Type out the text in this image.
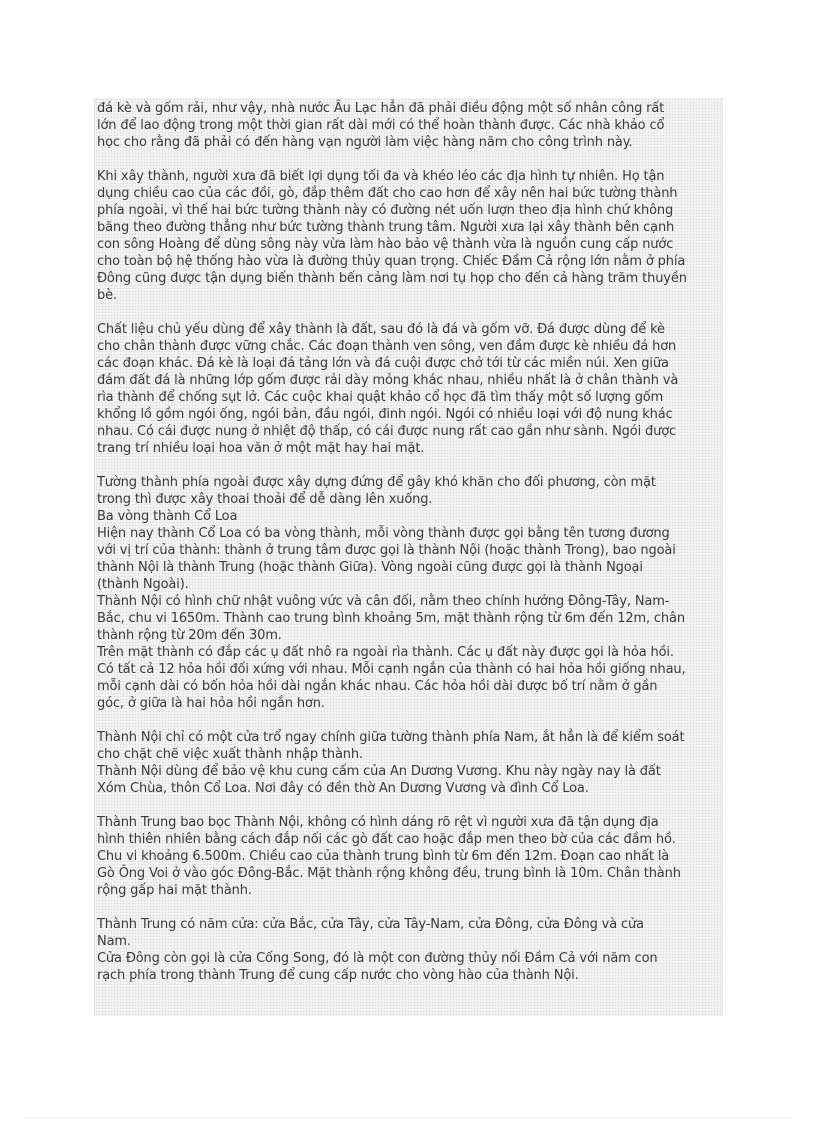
đá kè và gốm rải, như vậy, nhà nước Âu Lạc hẳn đã phải điều động một số nhân công rất
lớn để lao động trong một thời gian rất dài mới có thể hoàn thành được. Các nhà khảo cổ
học cho rằng đã phải có đến hàng vạn người làm việc hàng năm cho công trình này.
Khi xây thành, người xưa đã biết lợi dụng tối đa và khéo léo các địa hình tự nhiên. Họ tận
dụng chiều cao của các đồi, gò, đắp thêm đất cho cao hơn để xây nên hai bức tường thành
phía ngoài, vì thế hai bức tường thành này có đường nét uốn lượn theo địa hình chứ không
băng theo đường thẳng như bức tường thành trung tâm. Người xưa lại xây thành bên cạnh
con sông Hoàng để dùng sông này vừa làm hào bảo vệ thành vừa là nguồn cung cấp nước
cho toàn bộ hệ thống hào vừa là đường thủy quan trọng. Chiếc Đầm Cả rộng lớn nằm ở phía
Đông cũng được tận dụng biến thành bến cảng làm nơi tụ họp cho đến cả hàng trăm thuyền
bè.
Chất liệu chủ yếu dùng để xây thành là đất, sau đó là đá và gốm vỡ. Đá được dùng để kè
cho chân thành được vững chắc. Các đoạn thành ven sông, ven đầm được kè nhiều đá hơn
các đoạn khác. Đá kè là loại đá tảng lớn và đá cuội được chở tới từ các miền núi. Xen giữa
đám đất đá là những lớp gốm được rải dày mỏng khác nhau, nhiều nhất là ở chân thành và
rìa thành để chống sụt lở. Các cuộc khai quật khảo cổ học đã tìm thấy một số lượng gốm
khổng lồ gồm ngói ống, ngói bản, đầu ngói, đinh ngói. Ngói có nhiều loại với độ nung khác
nhau. Có cái được nung ở nhiệt độ thấp, có cái được nung rất cao gần như sành. Ngói được
trang trí nhiều loại hoa văn ở một mặt hay hai mặt.
Tường thành phía ngoài được xây dựng đứng để gây khó khăn cho đối phương, còn mặt
trong thì được xây thoai thoải để dễ dàng lên xuống.
Ba vòng thành Cổ Loa
Hiện nay thành Cổ Loa có ba vòng thành, mỗi vòng thành được gọi bằng tên tương đương
với vị trí của thành: thành ở trung tâm được gọi là thành Nội (hoặc thành Trong), bao ngoài
thành Nội là thành Trung (hoặc thành Giữa). Vòng ngoài cũng được gọi là thành Ngoại
(thành Ngoài).
Thành Nội có hình chữ nhật vuông vức và cân đối, nằm theo chính hướng Đông-Tây, Nam-
Bắc, chu vi 1650m. Thành cao trung bình khoảng 5m, mặt thành rộng từ 6m đến 12m, chân
thành rộng từ 20m đến 30m.
Trên mặt thành có đắp các ụ đất nhô ra ngoài rìa thành. Các ụ đất này được gọi là hỏa hồi.
Có tất cả 12 hỏa hồi đối xứng với nhau. Mỗi cạnh ngắn của thành có hai hỏa hồi giống nhau,
mỗi cạnh dài có bốn hỏa hồi dài ngắn khác nhau. Các hỏa hồi dài được bố trí nằm ở gần
góc, ở giữa là hai hỏa hồi ngắn hơn.
Thành Nội chỉ có một cửa trổ ngay chính giữa tường thành phía Nam, ắt hẳn là để kiểm soát
cho chặt chẽ việc xuất thành nhập thành.
Thành Nội dùng để bảo vệ khu cung cấm của An Dương Vương. Khu này ngày nay là đất
Xóm Chùa, thôn Cổ Loa. Nơi đây có đền thờ An Dương Vương và đình Cổ Loa.
Thành Trung bao bọc Thành Nội, không có hình dáng rõ rệt vì người xưa đã tận dụng địa
hình thiên nhiên bằng cách đắp nối các gò đất cao hoặc đắp men theo bờ của các đầm hồ.
Chu vi khoảng 6.500m. Chiều cao của thành trung bình từ 6m đến 12m. Đoạn cao nhất là
Gò Ông Voi ở vào góc Đông-Bắc. Mặt thành rộng không đều, trung bình là 10m. Chân thành
rộng gấp hai mặt thành.
Thành Trung có năm cửa: cửa Bắc, cửa Tây, cửa Tây-Nam, cửa Đông, cửa Đông và cửa
Nam.
Cửa Đông còn gọi là cửa Cống Song, đó là một con đường thủy nối Đầm Cả với năm con
rạch phía trong thành Trung để cung cấp nước cho vòng hào của thành Nội.
